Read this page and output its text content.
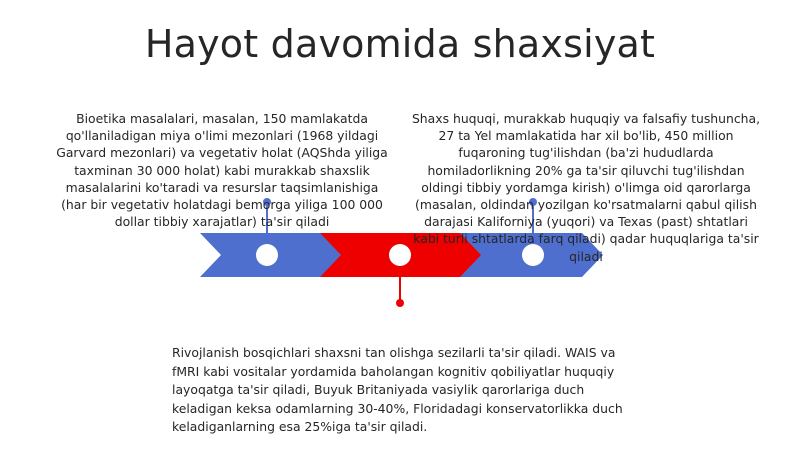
Hayot davomida shaxsiyat
Bioetika masalalari, masalan, 150 mamlakatda qo'llaniladigan miya o'limi mezonlari (1968 yildagi Garvard mezonlari) va vegetativ holat (AQShda yiliga taxminan 30 000 holat) kabi murakkab shaxslik masalalarini ko'taradi va resurslar taqsimlanishiga (har bir vegetativ holatdagi bemorga yiliga 100 000 dollar tibbiy xarajatlar) ta'sir qiladi
Rivojlanish bosqichlari shaxsni tan olishga sezilarli ta'sir qiladi. WAIS va fMRI kabi vositalar yordamida baholangan kognitiv qobiliyatlar huquqiy layoqatga ta'sir qiladi, Buyuk Britaniyada vasiylik qarorlariga duch keladigan keksa odamlarning 30-40%, Floridadagi konservatorlikka duch keladiganlarning esa 25%iga ta'sir qiladi.
Shaxs huquqi, murakkab huquqiy va falsafiy tushuncha, 27 ta Yel mamlakatida har xil bo'lib, 450 million fuqaroning tug'ilishdan (ba'zi hududlarda homiladorlikning 20% ga ta'sir qiluvchi tug'ilishdan oldingi tibbiy yordamga kirish) o'limga oid qarorlarga (masalan, oldindan yozilgan ko'rsatmalarni qabul qilish darajasi Kaliforniya (yuqori) va Texas (past) shtatlari kabi turli shtatlarda farq qiladi) qadar huquqlariga ta'sir qiladi
